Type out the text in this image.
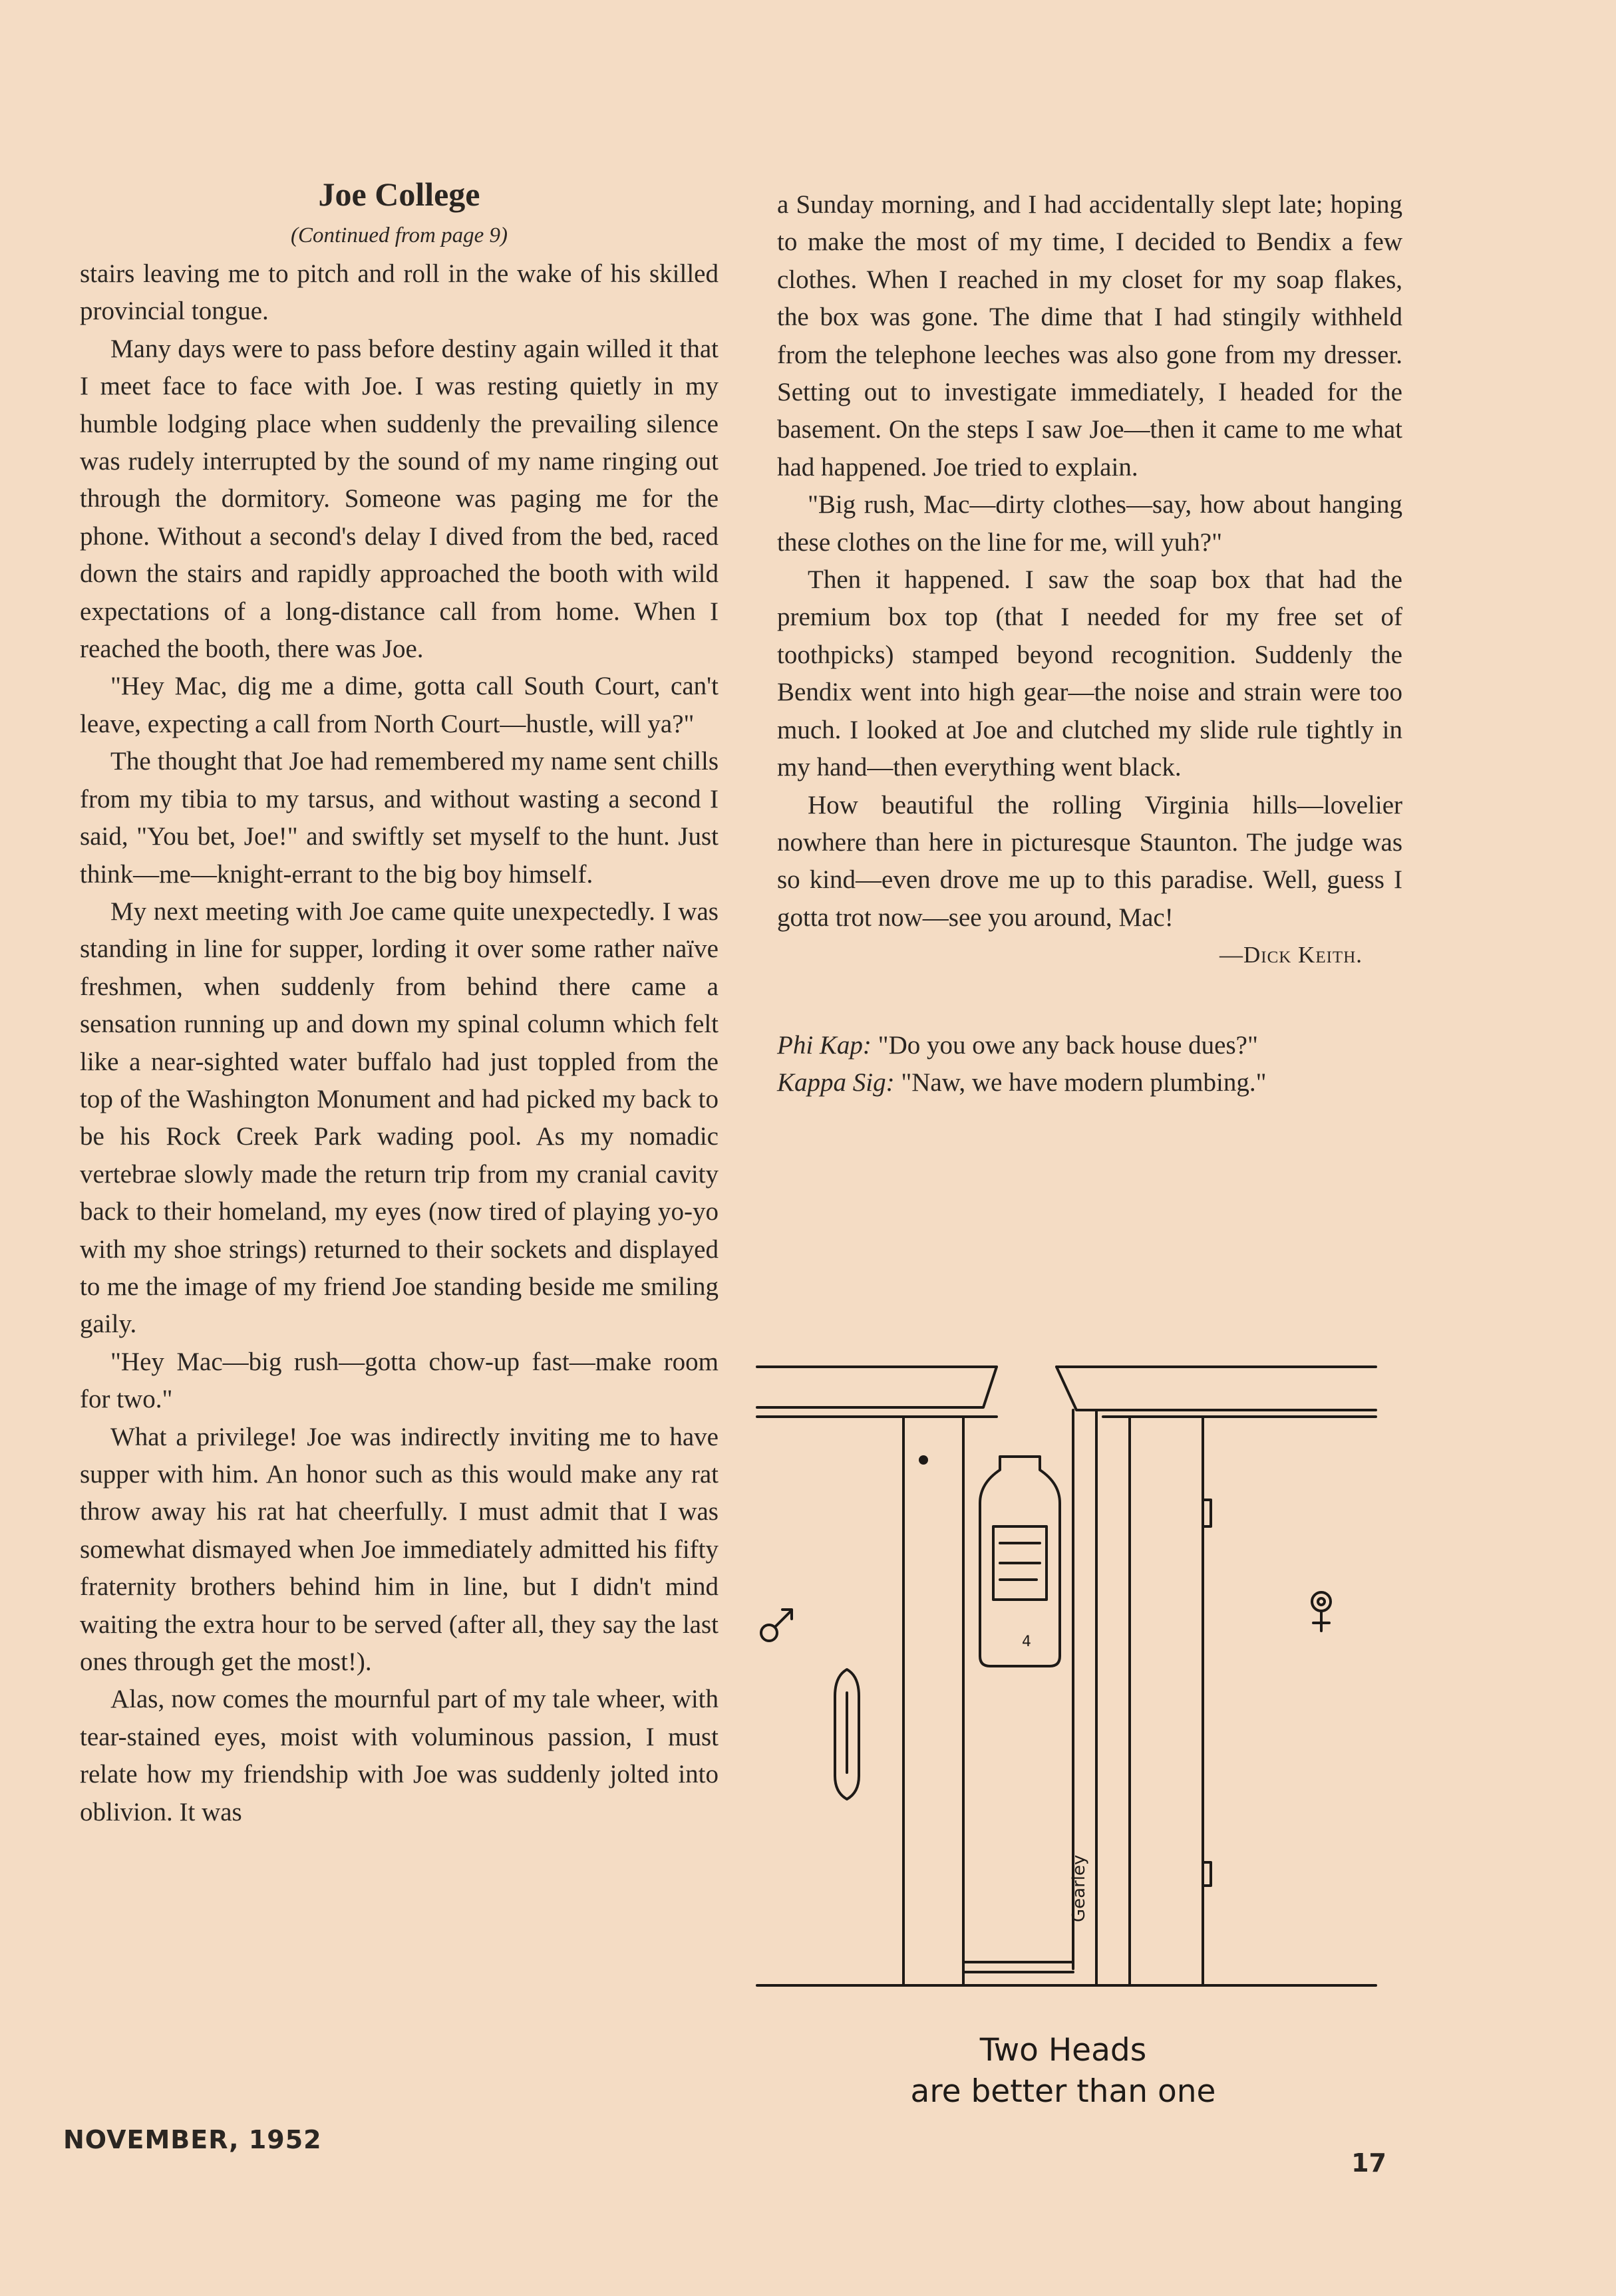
Joe College
(Continued from page 9)

stairs leaving me to pitch and roll in the wake of his skilled provincial tongue.

Many days were to pass before destiny again willed it that I meet face to face with Joe. I was resting quietly in my humble lodging place when suddenly the prevailing silence was rudely interrupted by the sound of my name ringing out through the dormitory. Someone was paging me for the phone. Without a second's delay I dived from the bed, raced down the stairs and rapidly approached the booth with wild expectations of a long-distance call from home. When I reached the booth, there was Joe.

"Hey Mac, dig me a dime, gotta call South Court, can't leave, expecting a call from North Court—hustle, will ya?"

The thought that Joe had remembered my name sent chills from my tibia to my tarsus, and without wasting a second I said, "You bet, Joe!" and swiftly set myself to the hunt. Just think—me—knight-errant to the big boy himself.

My next meeting with Joe came quite unexpectedly. I was standing in line for supper, lording it over some rather naïve freshmen, when suddenly from behind there came a sensation running up and down my spinal column which felt like a near-sighted water buffalo had just toppled from the top of the Washington Monument and had picked my back to be his Rock Creek Park wading pool. As my nomadic vertebrae slowly made the return trip from my cranial cavity back to their homeland, my eyes (now tired of playing yo-yo with my shoe strings) returned to their sockets and displayed to me the image of my friend Joe standing beside me smiling gaily.

"Hey Mac—big rush—gotta chow-up fast—make room for two."

What a privilege! Joe was indirectly inviting me to have supper with him. An honor such as this would make any rat throw away his rat hat cheerfully. I must admit that I was somewhat dismayed when Joe immediately admitted his fifty fraternity brothers behind him in line, but I didn't mind waiting the extra hour to be served (after all, they say the last ones through get the most!).

Alas, now comes the mournful part of my tale wheer, with tear-stained eyes, moist with voluminous passion, I must relate how my friendship with Joe was suddenly jolted into oblivion. It was

a Sunday morning, and I had accidentally slept late; hoping to make the most of my time, I decided to Bendix a few clothes. When I reached in my closet for my soap flakes, the box was gone. The dime that I had stingily withheld from the telephone leeches was also gone from my dresser. Setting out to investigate immediately, I headed for the basement. On the steps I saw Joe—then it came to me what had happened. Joe tried to explain.

"Big rush, Mac—dirty clothes—say, how about hanging these clothes on the line for me, will yuh?"

Then it happened. I saw the soap box that had the premium box top (that I needed for my free set of toothpicks) stamped beyond recognition. Suddenly the Bendix went into high gear—the noise and strain were too much. I looked at Joe and clutched my slide rule tightly in my hand—then everything went black.

How beautiful the rolling Virginia hills—lovelier nowhere than here in picturesque Staunton. The judge was so kind—even drove me up to this paradise. Well, guess I gotta trot now—see you around, Mac!

—Dick Keith.

Phi Kap: "Do you owe any back house dues?"

Kappa Sig: "Naw, we have modern plumbing."

4
Gearley
Two Heads
are better than one
NOVEMBER, 1952
17
